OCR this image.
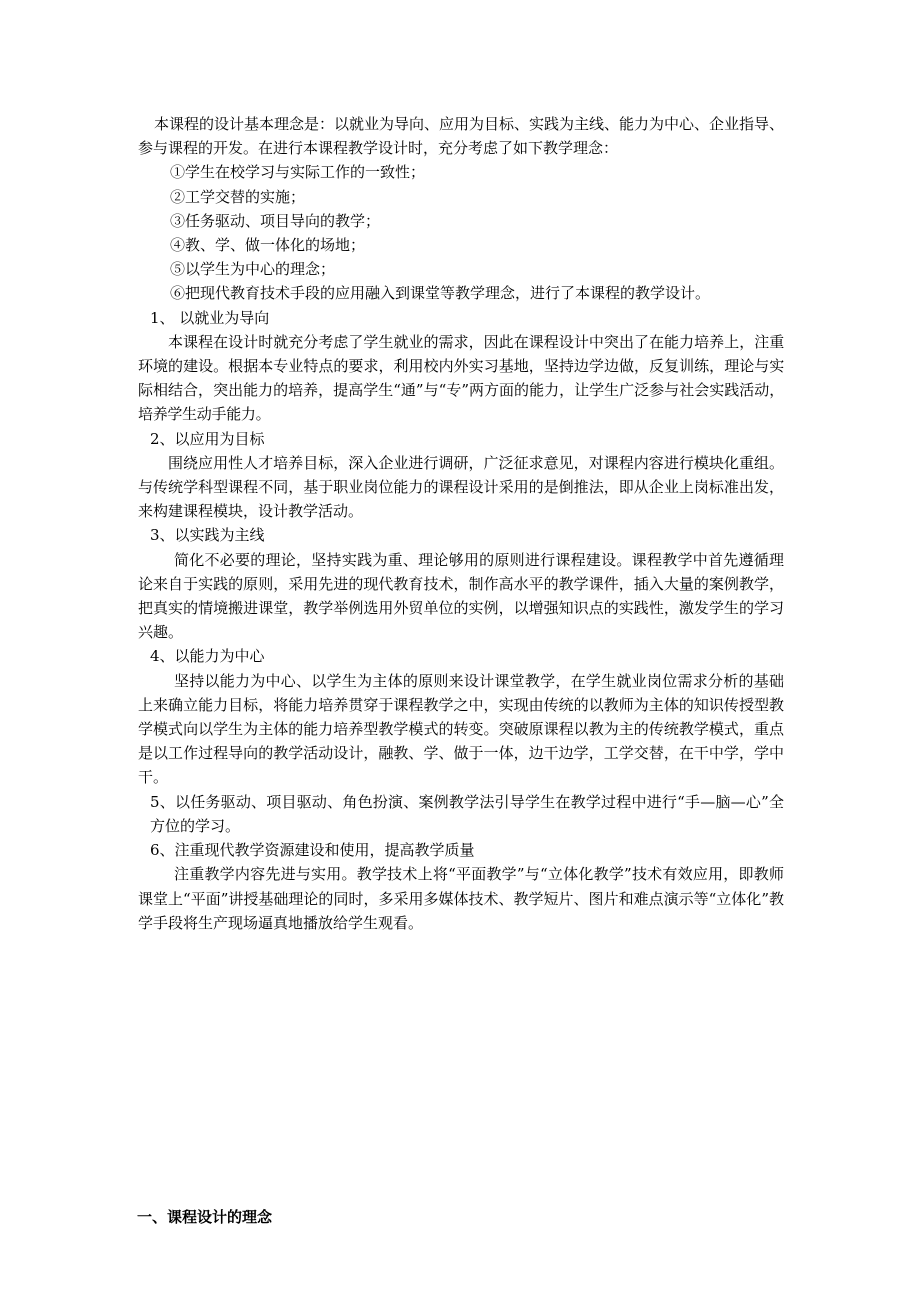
本课程的设计基本理念是：以就业为导向、应用为目标、实践为主线、能力为中心、企业指导、参与课程的开发。在进行本课程教学设计时，充分考虑了如下教学理念：

①学生在校学习与实际工作的一致性；

②工学交替的实施；

③任务驱动、项目导向的教学；

④教、学、做一体化的场地；

⑤以学生为中心的理念；

⑥把现代教育技术手段的应用融入到课堂等教学理念，进行了本课程的教学设计。

1、 以就业为导向

本课程在设计时就充分考虑了学生就业的需求，因此在课程设计中突出了在能力培养上，注重环境的建设。根据本专业特点的要求，利用校内外实习基地，坚持边学边做，反复训练，理论与实际相结合，突出能力的培养，提高学生“通”与“专”两方面的能力，让学生广泛参与社会实践活动，培养学生动手能力。

2、以应用为目标

围绕应用性人才培养目标，深入企业进行调研，广泛征求意见，对课程内容进行模块化重组。与传统学科型课程不同，基于职业岗位能力的课程设计采用的是倒推法，即从企业上岗标准出发，来构建课程模块，设计教学活动。

3、以实践为主线

简化不必要的理论，坚持实践为重、理论够用的原则进行课程建设。课程教学中首先遵循理论来自于实践的原则，采用先进的现代教育技术，制作高水平的教学课件，插入大量的案例教学，把真实的情境搬进课堂，教学举例选用外贸单位的实例，以增强知识点的实践性，激发学生的学习兴趣。

4、以能力为中心

坚持以能力为中心、以学生为主体的原则来设计课堂教学，在学生就业岗位需求分析的基础上来确立能力目标，将能力培养贯穿于课程教学之中，实现由传统的以教师为主体的知识传授型教学模式向以学生为主体的能力培养型教学模式的转变。突破原课程以教为主的传统教学模式，重点是以工作过程导向的教学活动设计，融教、学、做于一体，边干边学，工学交替，在干中学，学中干。

5、以任务驱动、项目驱动、角色扮演、案例教学法引导学生在教学过程中进行“手—脑—心”全方位的学习。

6、注重现代教学资源建设和使用，提高教学质量

注重教学内容先进与实用。教学技术上将“平面教学”与“立体化教学”技术有效应用，即教师课堂上“平面”讲授基础理论的同时，多采用多媒体技术、教学短片、图片和难点演示等“立体化”教学手段将生产现场逼真地播放给学生观看。

一、课程设计的理念
